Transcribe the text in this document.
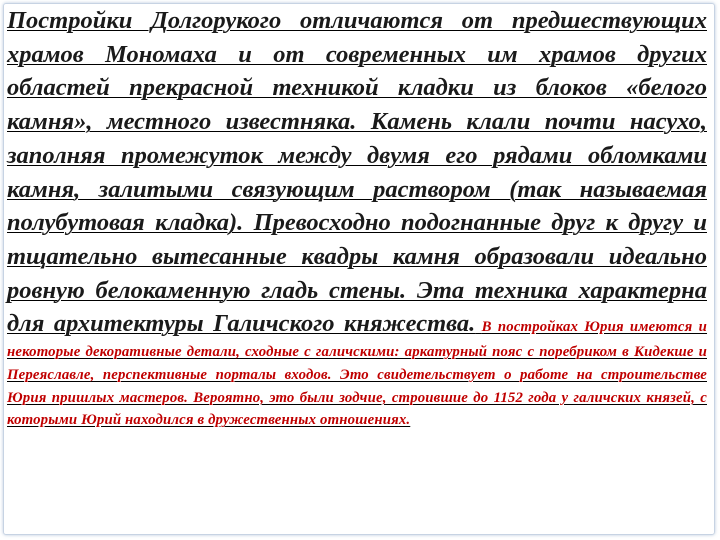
Постройки Долгорукого отличаются от предшествующих храмов Мономаха и от современных им храмов других областей прекрасной техникой кладки из блоков «белого камня», местного известняка. Камень клали почти насухо, заполняя промежуток между двумя его рядами обломками камня, залитыми связующим раствором (так называемая полубутовая кладка). Превосходно подогнанные друг к другу и тщательно вытесанные квадры камня образовали идеально ровную белокаменную гладь стены. Эта техника характерна для архитектуры Галичского княжества. В постройках Юрия имеются и некоторые декоративные детали, сходные с галичскими: аркатурный пояс с поребриком в Кидекше и Переяславле, перспективные порталы входов. Это свидетельствует о работе на строительстве Юрия пришлых мастеров. Вероятно, это были зодчие, строившие до 1152 года у галичских князей, с которыми Юрий находился в дружественных отношениях.
